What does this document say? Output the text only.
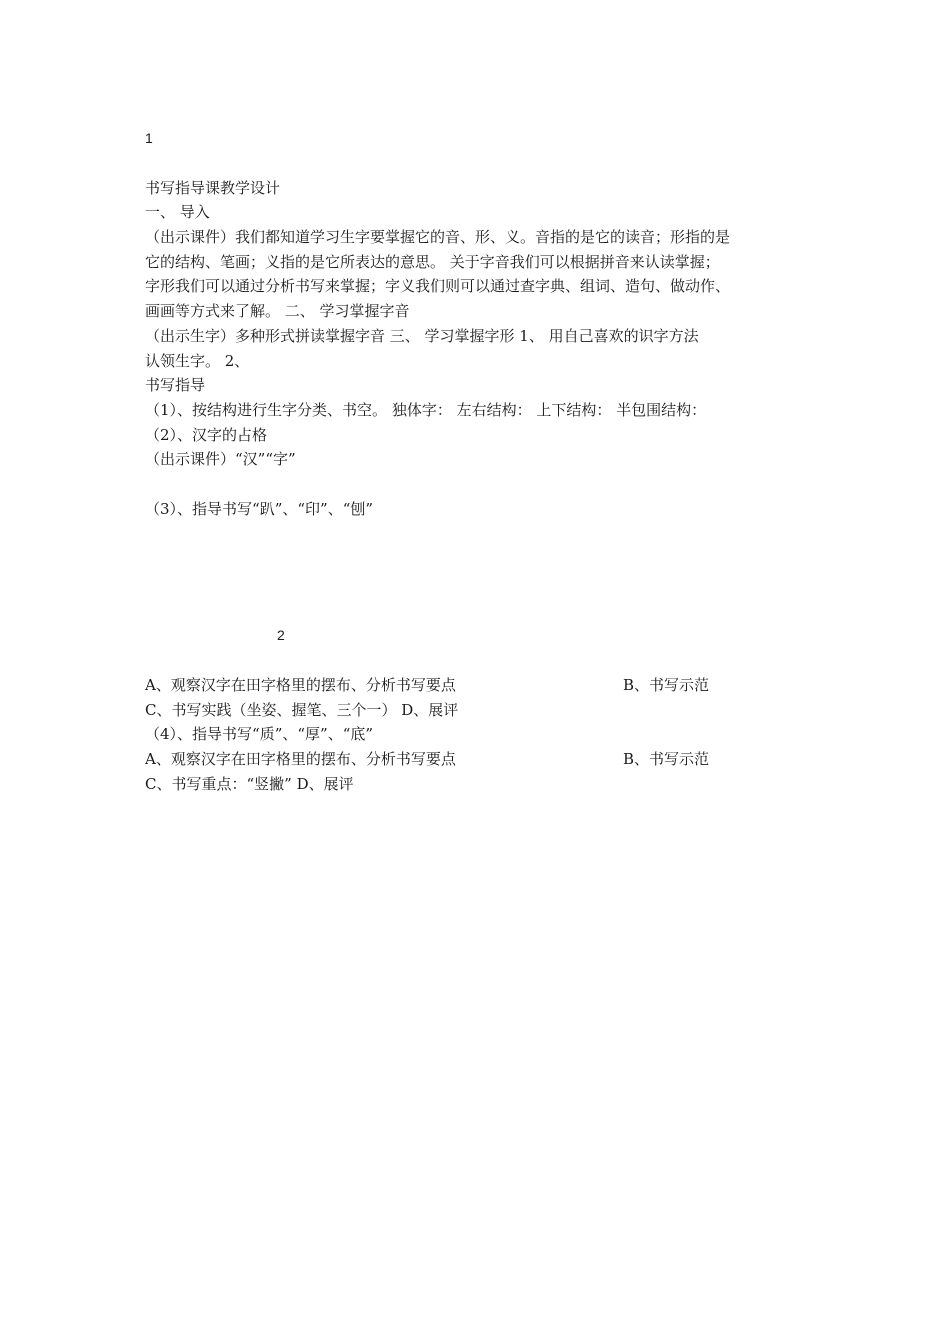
1
书写指导课教学设计
一、 导入
（出示课件）我们都知道学习生字要掌握它的音、形、义。音指的是它的读音；形指的是
它的结构、笔画；义指的是它所表达的意思。 关于字音我们可以根据拼音来认读掌握；
字形我们可以通过分析书写来掌握；字义我们则可以通过查字典、组词、造句、做动作、
画画等方式来了解。 二、 学习掌握字音
（出示生字）多种形式拼读掌握字音 三、 学习掌握字形 1、 用自己喜欢的识字方法
认领生字。 2、
书写指导
（1）、按结构进行生字分类、书空。 独体字： 左右结构： 上下结构： 半包围结构：
（2）、汉字的占格
（出示课件）“汉”“字”
（3）、指导书写“趴”、“印”、“刨”
2
A、观察汉字在田字格里的摆布、分析书写要点	B、书写示范
C、书写实践（坐姿、握笔、三个一） D、展评
（4）、指导书写“质”、“厚”、“底”
A、观察汉字在田字格里的摆布、分析书写要点	B、书写示范
C、书写重点：“竖撇” D、展评
